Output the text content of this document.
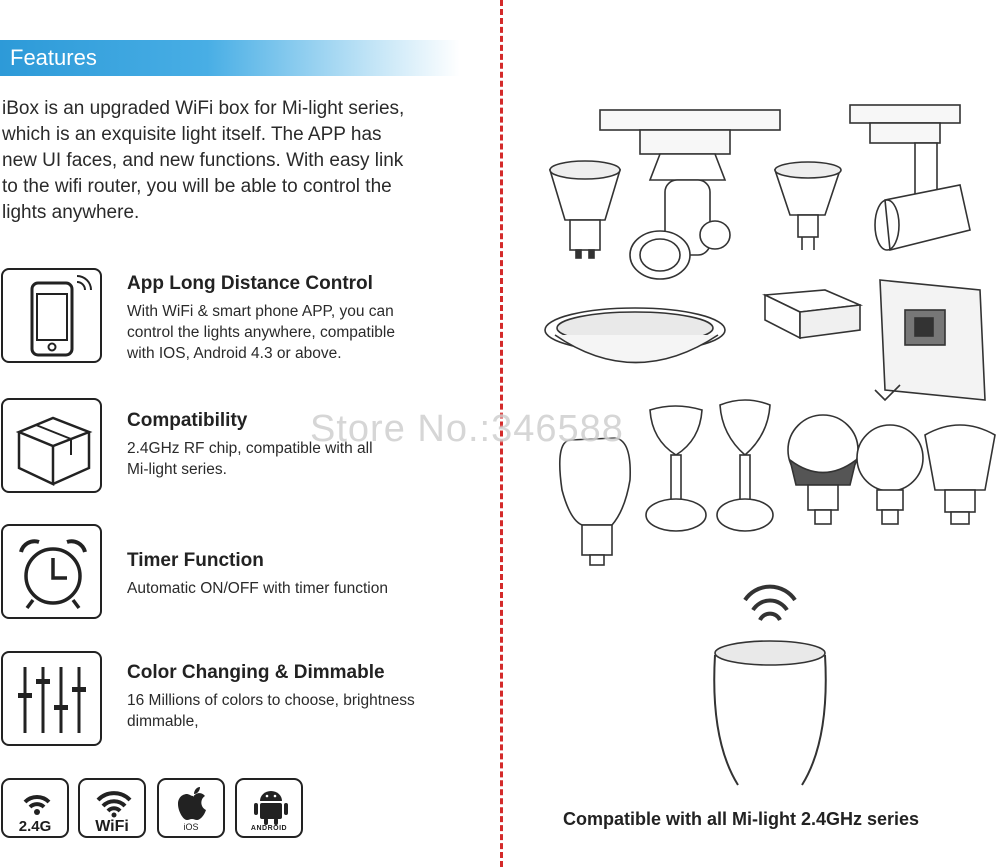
Features
iBox is an upgraded WiFi box for Mi-light series,
which is an exquisite light itself. The APP has
new UI faces, and new functions. With easy link
to the wifi router, you will be able to control the
lights anywhere.
App Long Distance Control
With WiFi & smart phone APP, you can
control the lights anywhere, compatible
with IOS, Android 4.3 or above.
Compatibility
2.4GHz RF chip, compatible with all
Mi-light series.
Timer Function
Automatic ON/OFF with timer function
Color Changing & Dimmable
16 Millions of colors to choose, brightness
dimmable,
2.4G	WiFi	iOS	ANDROID
Store No.:346588
Compatible with all Mi-light 2.4GHz series
